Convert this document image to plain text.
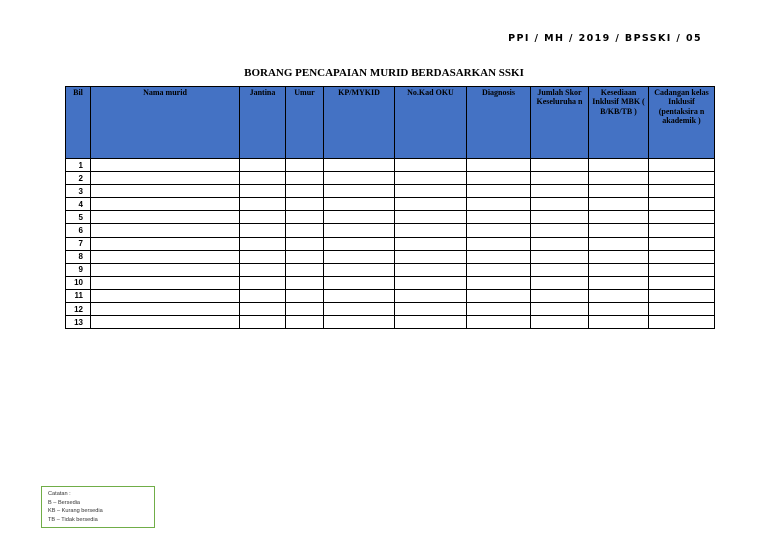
PPI / MH / 2019 / BPSSKI / 05
BORANG PENCAPAIAN MURID BERDASARKAN SSKI
Bil	Nama murid	Jantina	Umur	KP/MYKID	No.Kad OKU	Diagnosis	Jumlah Skor Keseluruha n	Kesediaan Inklusif MBK ( B/KB/TB )	Cadangan kelas Inklusif (pentaksira n akademik )
1									
2									
3									
4									
5									
6									
7									
8									
9									
10									
11									
12									
13									
Catatan :
B – Bersedia
KB – Kurang bersedia
TB – Tidak bersedia
